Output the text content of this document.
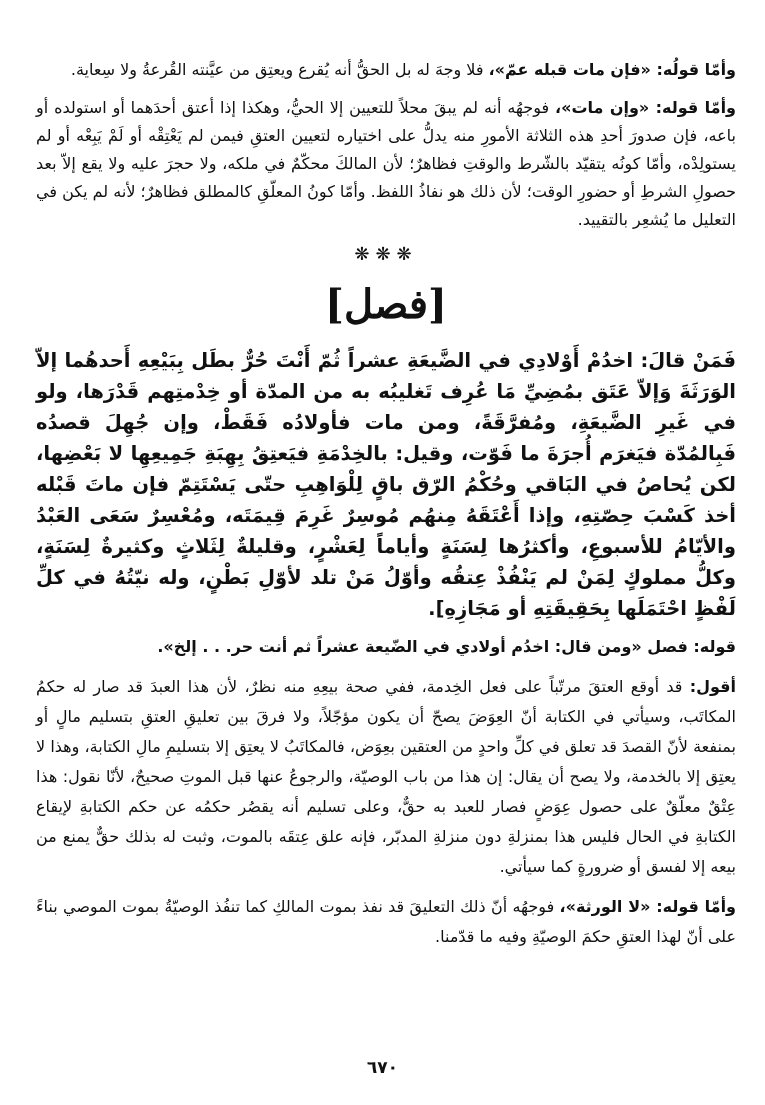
وأمّا قولُه: «فإن مات قبله عمّ»، فلا وجهَ له بل الحقُّ أنه يُقرع ويعتِق من عيَّنته القُرعةُ ولا سِعاية.

وأمّا قوله: «وإن مات»، فوجهُه أنه لم يبقَ محلاً للتعيين إلا الحيُّ، وهكذا إذا أعتق أحدَهما أو استولده أو باعه، فإن صدورَ أحدِ هذه الثلاثة الأمورِ منه يدلُّ على اختياره لتعيين العتقِ فيمن لم يَعْتِقْه أو لَمْ يَبِعْه أو لم يستولِدْه، وأمّا كونُه يتقيّد بالشّرط والوقتِ فظاهرٌ؛ لأن المالكَ محكّمٌ في ملكه، ولا حجرَ عليه ولا يقع إلاّ بعد حصولِ الشرطِ أو حضورِ الوقت؛ لأن ذلك هو نفاذُ اللفظ. وأمّا كونُ المعلّقِ كالمطلق فظاهرٌ؛ لأنه لم يكن في التعليل ما يُشعِر بالتقييد.

❋❋❋
[فصل]

فَمَنْ قالَ: اخدُمْ أَوْلادِي في الضَّيعَةِ عشراً ثُمّ أَنْتَ حُرٌّ بطَل بِبَيْعِهِ أَحدهُما إلاّ الوَرَثَةَ وَإلاّ عَتَق بمُضِيِّ مَا عُرِف تَغليبُه به من المدّة أو خِدْمتِهم قَدْرَها، ولو في غَيرِ الضَّيعَةِ، ومُفرَّقَةً، ومن مات فأولادُه فَقَطْ، وإن جُهِلَ قصدُه فَبِالمُدّة فيَغرَم أُجرَةَ ما فَوّت، وقيل: بالخِدْمَةِ فيَعتِقُ بِهِبَةِ جَمِيعِهِا لا بَعْضِها، لكن يُحاصُ في البَاقي وحُكْمُ الرّق باقٍ لِلْوَاهِبِ حتّى يَسْتَتِمّ فإن ماتَ قَبْله أخذ كَسْبَ حِصّتِهِ، وإذا أَعْتَقَهُ مِنهُم مُوسِرٌ غَرِمَ قِيمَتَه، ومُعْسِرٌ سَعَى العَبْدُ والأيّامُ للأسبوعِ، وأكثرُها لِسَنَةٍ وأياماً لِعَشْرٍ، وقليلةٌ لِثَلاثٍ وكثيرةٌ لِسَنَةٍ، وكلُّ مملوكٍ لِمَنْ لم يَنْفُذْ عِتقُه وأوّلُ مَنْ تلد لأوّلِ بَطْنٍ، وله نيّتُهُ في كلِّ لَفْظٍ احْتَمَلَها بِحَقِيقَتِهِ أو مَجَازِهِ].

قوله: فصل «ومن قال: اخدُم أولادي في الضّيعة عشراً ثم أنت حر. . . إلخ».

أقول: قد أوقع العتقَ مرتّباً على فعل الخِدمة، ففي صحة بيعِهِ منه نظرٌ، لأن هذا العبدَ قد صار له حكمُ المكاتَب، وسيأتي في الكتابة أنّ العِوَضَ يصحّ أن يكون مؤجّلاً، ولا فرقَ بين تعليقِ العتقِ بتسليم مالٍ أو بمنفعة لأنّ القصدَ قد تعلق في كلِّ واحدٍ من العتقين بعِوَض، فالمكاتَبُ لا يعتِق إلا بتسليمِ مالِ الكتابة، وهذا لا يعتِق إلا بالخدمة، ولا يصح أن يقال: إن هذا من باب الوصيّة، والرجوعُ عنها قبل الموتِ صحيحٌ، لأنّا نقول: هذا عِتْقٌ معلّقٌ على حصول عِوَضٍ فصار للعبد به حقٌّ، وعلى تسليم أنه يقصُر حكمُه عن حكم الكتابةِ لإيقاع الكتابةِ في الحال فليس هذا بمنزلةِ دون منزلةِ المدبّر، فإنه علق عِتقَه بالموت، وثبت له بذلك حقٌّ يمنع من بيعه إلا لفسق أو ضرورةٍ كما سيأتي.

وأمّا قوله: «لا الورثة»، فوجهُه أنّ ذلك التعليقَ قد نفذ بموت المالكِ كما تنفُذ الوصيّةُ بموت الموصي بناءً على أنّ لهذا العتقِ حكمَ الوصيّةِ وفيه ما قدّمنا.

٦٧٠
